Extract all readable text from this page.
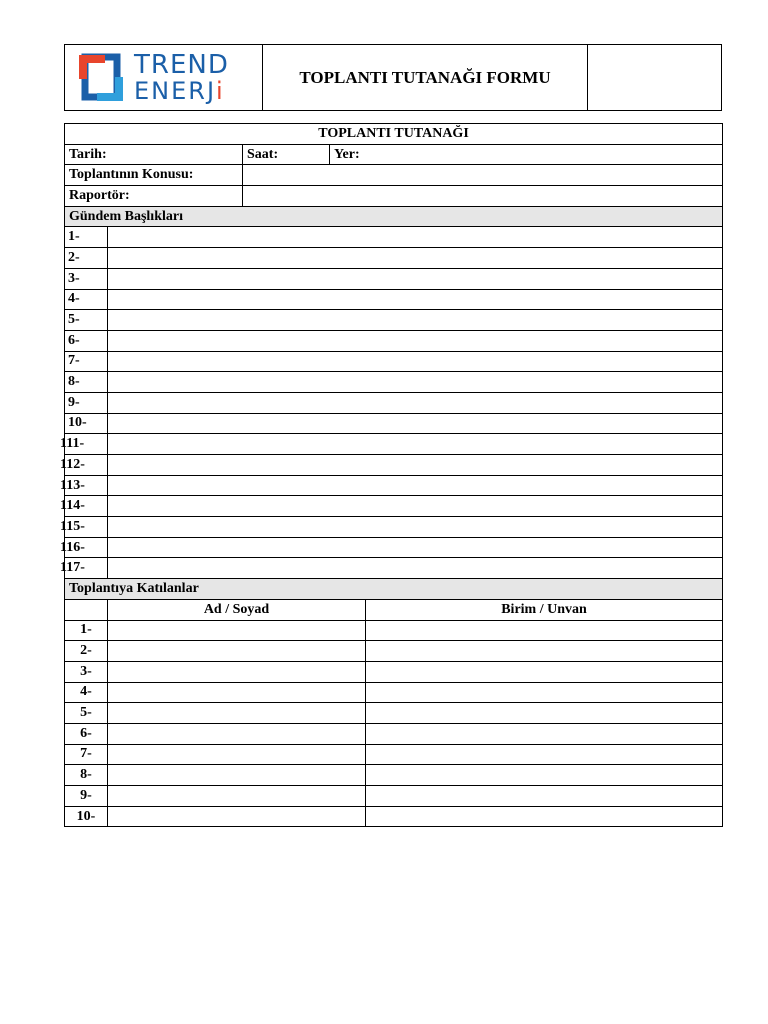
TREND
ENERJi	TOPLANTI TUTANAĞI FORMU
TOPLANTI TUTANAĞI				
Tarih:		Saat:	Yer:	
Toplantının Konusu:				
Raportör:				
Gündem Başlıkları				
1-				
2-				
3-				
4-				
5-				
6-				
7-				
8-				
9-				
10-				

111-				

112-				

113-				

114-				

115-				

116-				

117-				

Toplantıya Katılanlar				
	Ad / Soyad			Birim / Unvan
1-				
2-				
3-				
4-				
5-				
6-				
7-				
8-				
9-				
10-				
